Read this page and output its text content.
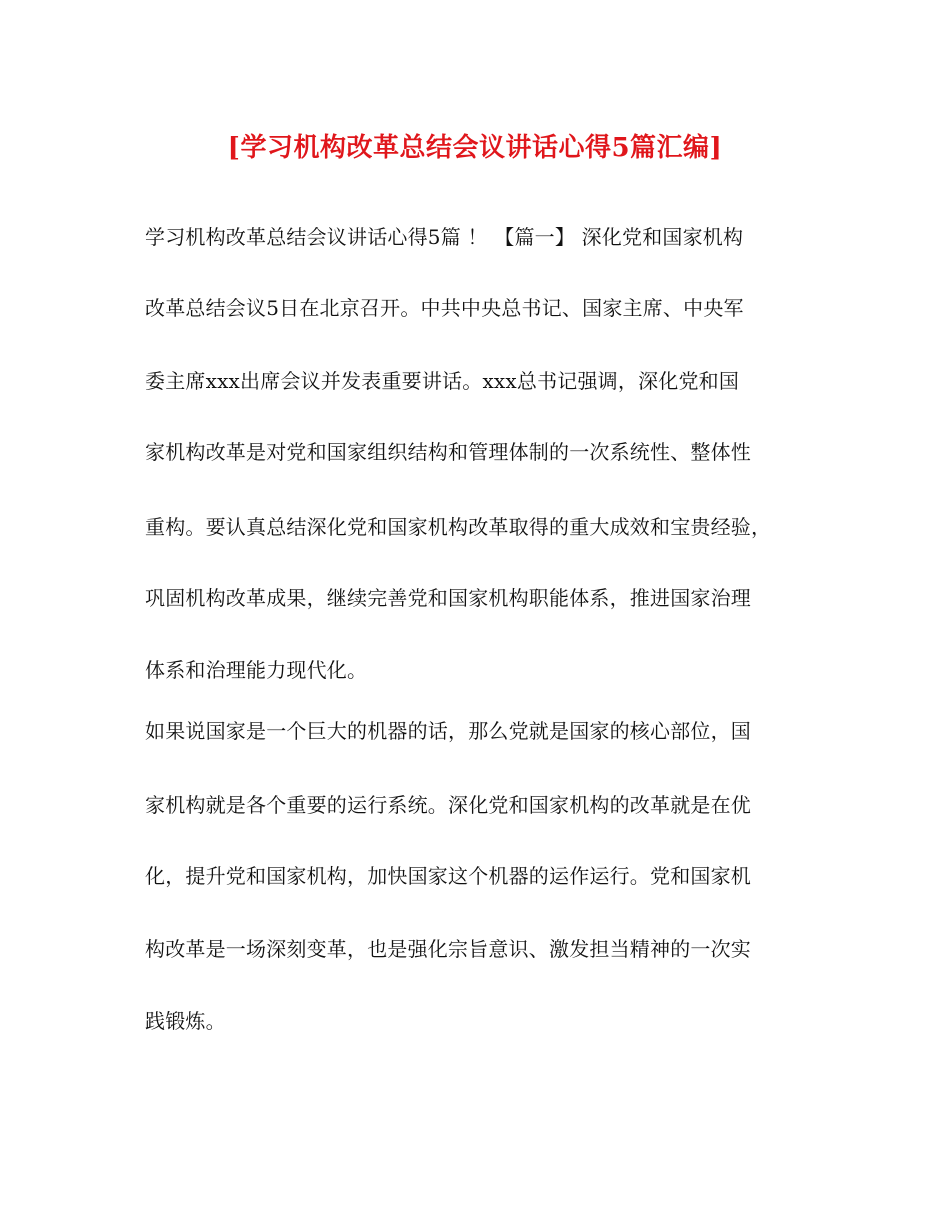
[学习机构改革总结会议讲话心得5篇汇编]
学习机构改革总结会议讲话心得5篇 ！ 【篇一】 深化党和国家机构
改革总结会议5日在北京召开。中共中央总书记、国家主席、中央军
委主席xxx出席会议并发表重要讲话。xxx总书记强调，深化党和国
家机构改革是对党和国家组织结构和管理体制的一次系统性、整体性
重构。要认真总结深化党和国家机构改革取得的重大成效和宝贵经验，
巩固机构改革成果，继续完善党和国家机构职能体系，推进国家治理
体系和治理能力现代化。
如果说国家是一个巨大的机器的话，那么党就是国家的核心部位，国
家机构就是各个重要的运行系统。深化党和国家机构的改革就是在优
化，提升党和国家机构，加快国家这个机器的运作运行。党和国家机
构改革是一场深刻变革，也是强化宗旨意识、激发担当精神的一次实
践锻炼。
